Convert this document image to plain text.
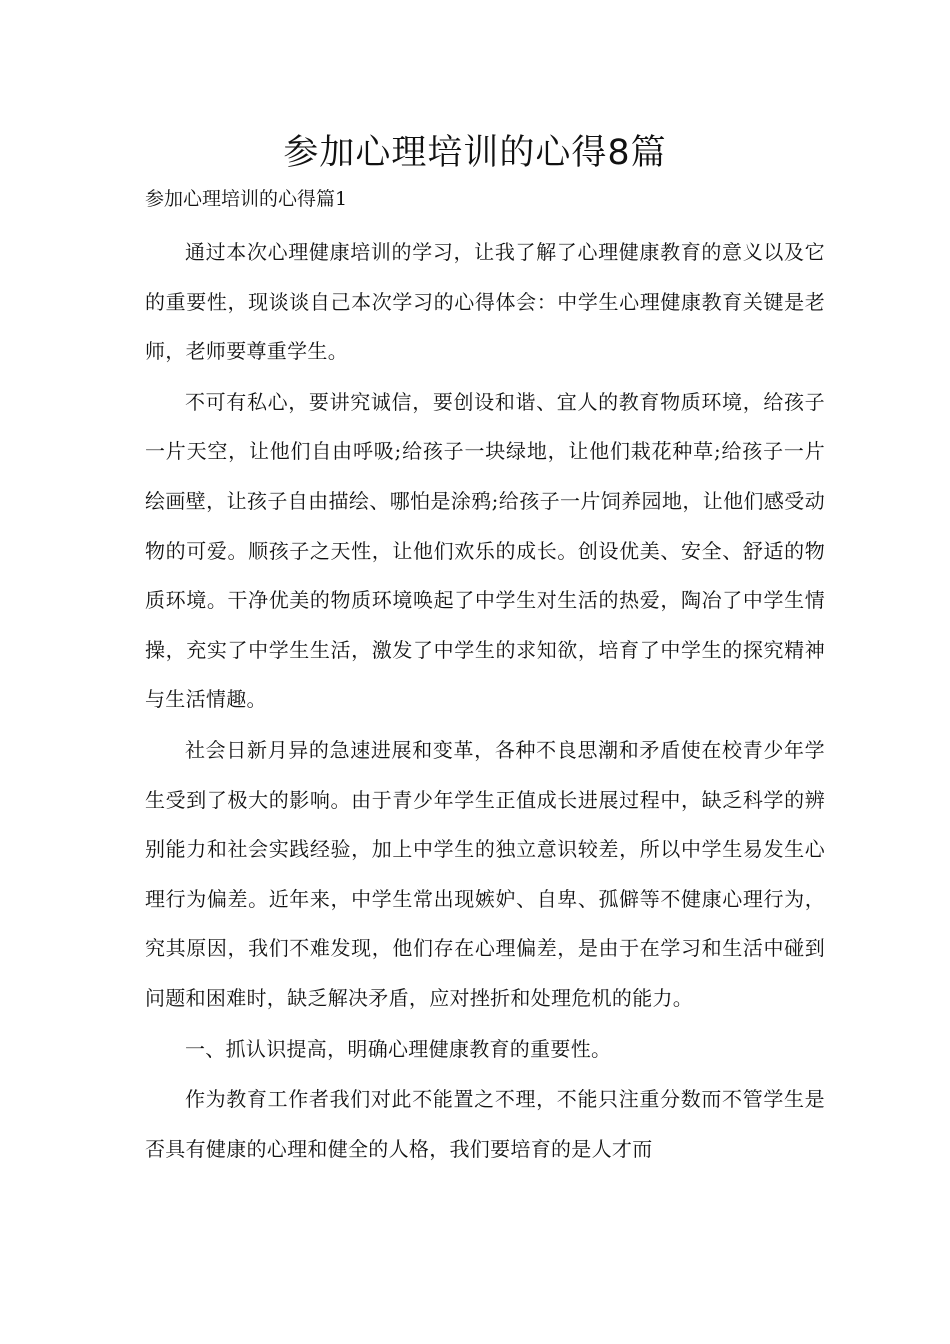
参加心理培训的心得8篇

参加心理培训的心得篇1

通过本次心理健康培训的学习，让我了解了心理健康教育的意义以及它的重要性，现谈谈自己本次学习的心得体会：中学生心理健康教育关键是老师，老师要尊重学生。

不可有私心，要讲究诚信，要创设和谐、宜人的教育物质环境，给孩子一片天空，让他们自由呼吸;给孩子一块绿地，让他们栽花种草;给孩子一片绘画壁，让孩子自由描绘、哪怕是涂鸦;给孩子一片饲养园地，让他们感受动物的可爱。顺孩子之天性，让他们欢乐的成长。创设优美、安全、舒适的物质环境。干净优美的物质环境唤起了中学生对生活的热爱，陶冶了中学生情操，充实了中学生生活，激发了中学生的求知欲，培育了中学生的探究精神与生活情趣。

社会日新月异的急速进展和变革，各种不良思潮和矛盾使在校青少年学生受到了极大的影响。由于青少年学生正值成长进展过程中，缺乏科学的辨别能力和社会实践经验，加上中学生的独立意识较差，所以中学生易发生心理行为偏差。近年来，中学生常出现嫉妒、自卑、孤僻等不健康心理行为，究其原因，我们不难发现，他们存在心理偏差，是由于在学习和生活中碰到问题和困难时，缺乏解决矛盾，应对挫折和处理危机的能力。

一、抓认识提高，明确心理健康教育的重要性。

作为教育工作者我们对此不能置之不理，不能只注重分数而不管学生是否具有健康的心理和健全的人格，我们要培育的是人才而
